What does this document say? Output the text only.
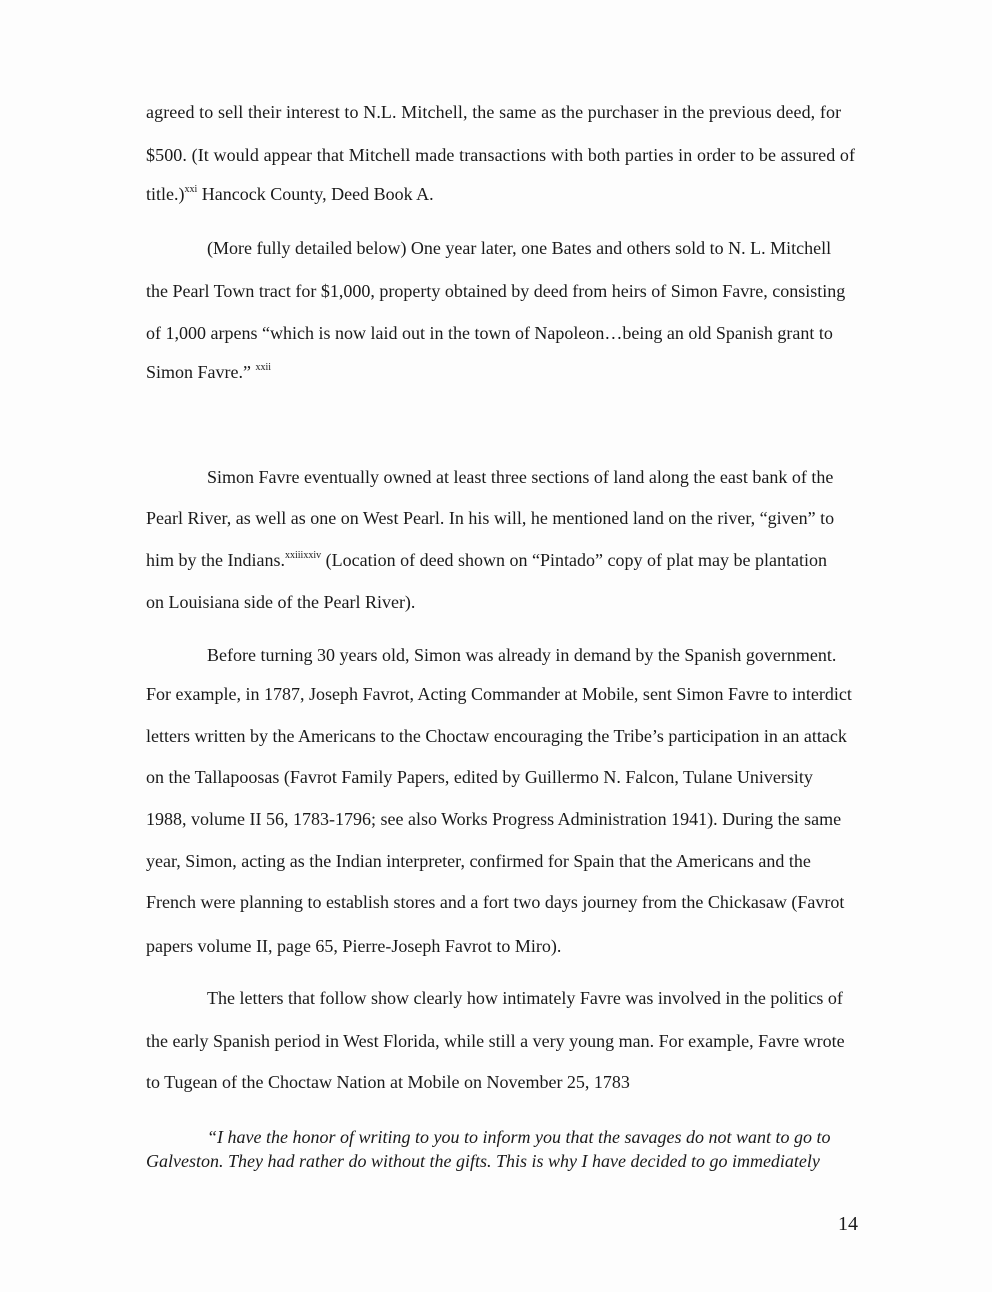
agreed to sell their interest to N.L. Mitchell, the same as the purchaser in the previous deed, for
$500. (It would appear that Mitchell made transactions with both parties in order to be assured of
title.)$^{xxi}$ Hancock County, Deed Book A.
(More fully detailed below) One year later, one Bates and others sold to N. L. Mitchell
the Pearl Town tract for $1,000, property obtained by deed from heirs of Simon Favre, consisting
of 1,000 arpens “which is now laid out in the town of Napoleon…being an old Spanish grant to
Simon Favre.” $^{xxii}$
Simon Favre eventually owned at least three sections of land along the east bank of the
Pearl River, as well as one on West Pearl. In his will, he mentioned land on the river, “given” to
him by the Indians.$^{xxiiixxiv}$ (Location of deed shown on “Pintado” copy of plat may be plantation
on Louisiana side of the Pearl River).
Before turning 30 years old, Simon was already in demand by the Spanish government.
For example, in 1787, Joseph Favrot, Acting Commander at Mobile, sent Simon Favre to interdict
letters written by the Americans to the Choctaw encouraging the Tribe’s participation in an attack
on the Tallapoosas (Favrot Family Papers, edited by Guillermo N. Falcon, Tulane University
1988, volume II 56, 1783-1796; see also Works Progress Administration 1941). During the same
year, Simon, acting as the Indian interpreter, confirmed for Spain that the Americans and the
French were planning to establish stores and a fort two days journey from the Chickasaw (Favrot
papers volume II, page 65, Pierre-Joseph Favrot to Miro).
The letters that follow show clearly how intimately Favre was involved in the politics of
the early Spanish period in West Florida, while still a very young man. For example, Favre wrote
to Tugean of the Choctaw Nation at Mobile on November 25, 1783
“I have the honor of writing to you to inform you that the savages do not want to go to
Galveston. They had rather do without the gifts. This is why I have decided to go immediately
14
